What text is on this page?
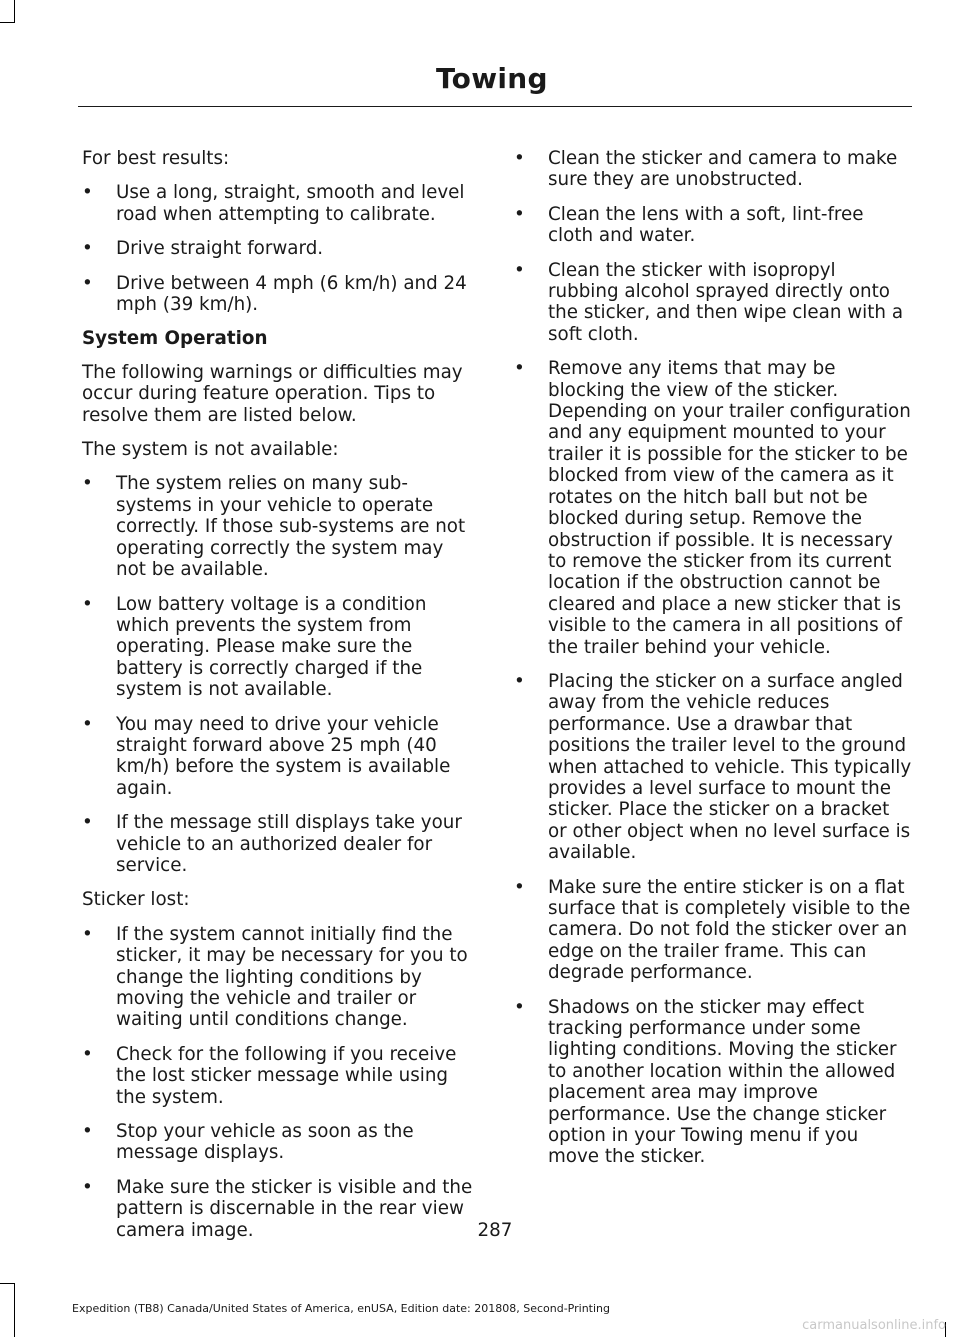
Towing

For best results:

• Use a long, straight, smooth and level road when attempting to calibrate.
• Drive straight forward.
• Drive between 4 mph (6 km/h) and 24 mph (39 km/h).

System Operation

The following warnings or difficulties may occur during feature operation. Tips to resolve them are listed below.

The system is not available:

• The system relies on many sub-systems in your vehicle to operate correctly. If those sub-systems are not operating correctly the system may not be available.
• Low battery voltage is a condition which prevents the system from operating. Please make sure the battery is correctly charged if the system is not available.
• You may need to drive your vehicle straight forward above 25 mph (40 km/h) before the system is available again.
• If the message still displays take your vehicle to an authorized dealer for service.

Sticker lost:

• If the system cannot initially find the sticker, it may be necessary for you to change the lighting conditions by moving the vehicle and trailer or waiting until conditions change.
• Check for the following if you receive the lost sticker message while using the system.
• Stop your vehicle as soon as the message displays.
• Make sure the sticker is visible and the pattern is discernable in the rear view camera image.
• Clean the sticker and camera to make sure they are unobstructed.
• Clean the lens with a soft, lint-free cloth and water.
• Clean the sticker with isopropyl rubbing alcohol sprayed directly onto the sticker, and then wipe clean with a soft cloth.
• Remove any items that may be blocking the view of the sticker. Depending on your trailer configuration and any equipment mounted to your trailer it is possible for the sticker to be blocked from view of the camera as it rotates on the hitch ball but not be blocked during setup. Remove the obstruction if possible. It is necessary to remove the sticker from its current location if the obstruction cannot be cleared and place a new sticker that is visible to the camera in all positions of the trailer behind your vehicle.
• Placing the sticker on a surface angled away from the vehicle reduces performance. Use a drawbar that positions the trailer level to the ground when attached to vehicle. This typically provides a level surface to mount the sticker. Place the sticker on a bracket or other object when no level surface is available.
• Make sure the entire sticker is on a flat surface that is completely visible to the camera. Do not fold the sticker over an edge on the trailer frame. This can degrade performance.
• Shadows on the sticker may effect tracking performance under some lighting conditions. Moving the sticker to another location within the allowed placement area may improve performance. Use the change sticker option in your Towing menu if you move the sticker.
287
Expedition (TB8) Canada/United States of America, enUSA, Edition date: 201808, Second-Printing
carmanualsonline.info
